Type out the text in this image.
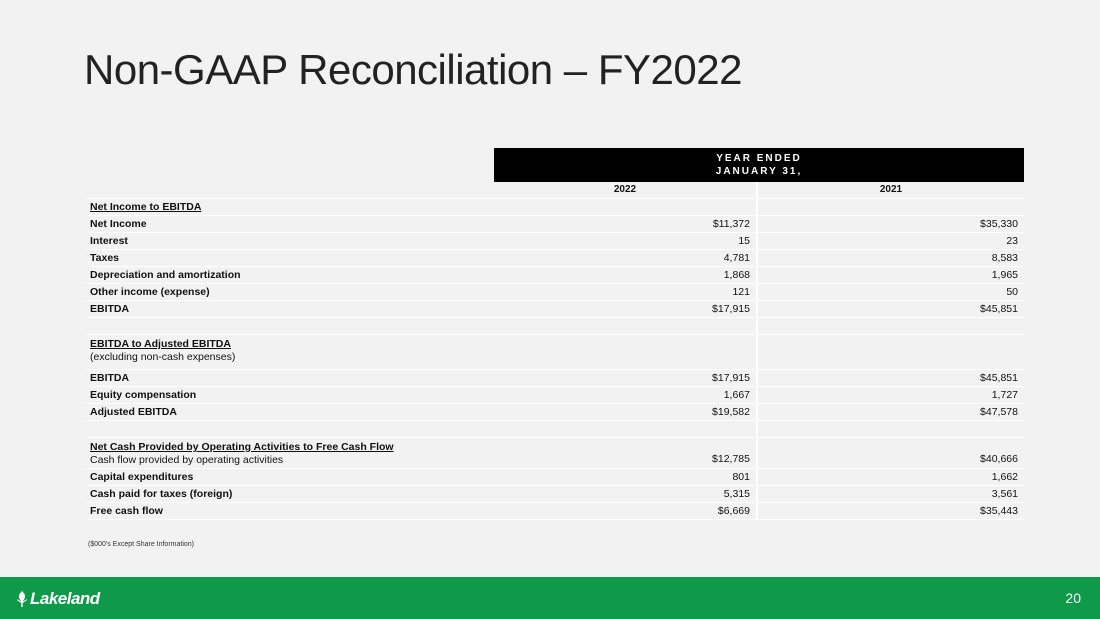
Non-GAAP Reconciliation – FY2022
YEAR ENDED
JANUARY 31,
2022	2021
Net Income to EBITDA
Net Income	$11,372	$35,330
Interest	15	23
Taxes	4,781	8,583
Depreciation and amortization	1,868	1,965
Other income (expense)	121	50
EBITDA	$17,915	$45,851
EBITDA to Adjusted EBITDA
(excluding non-cash expenses)
EBITDA	$17,915	$45,851
Equity compensation	1,667	1,727
Adjusted EBITDA	$19,582	$47,578
Net Cash Provided by Operating Activities to Free Cash Flow
Cash flow provided by operating activities	$12,785	$40,666
Capital expenditures	801	1,662
Cash paid for taxes (foreign)	5,315	3,561
Free cash flow	$6,669	$35,443
($000's Except Share Information)
Lakeland	20
